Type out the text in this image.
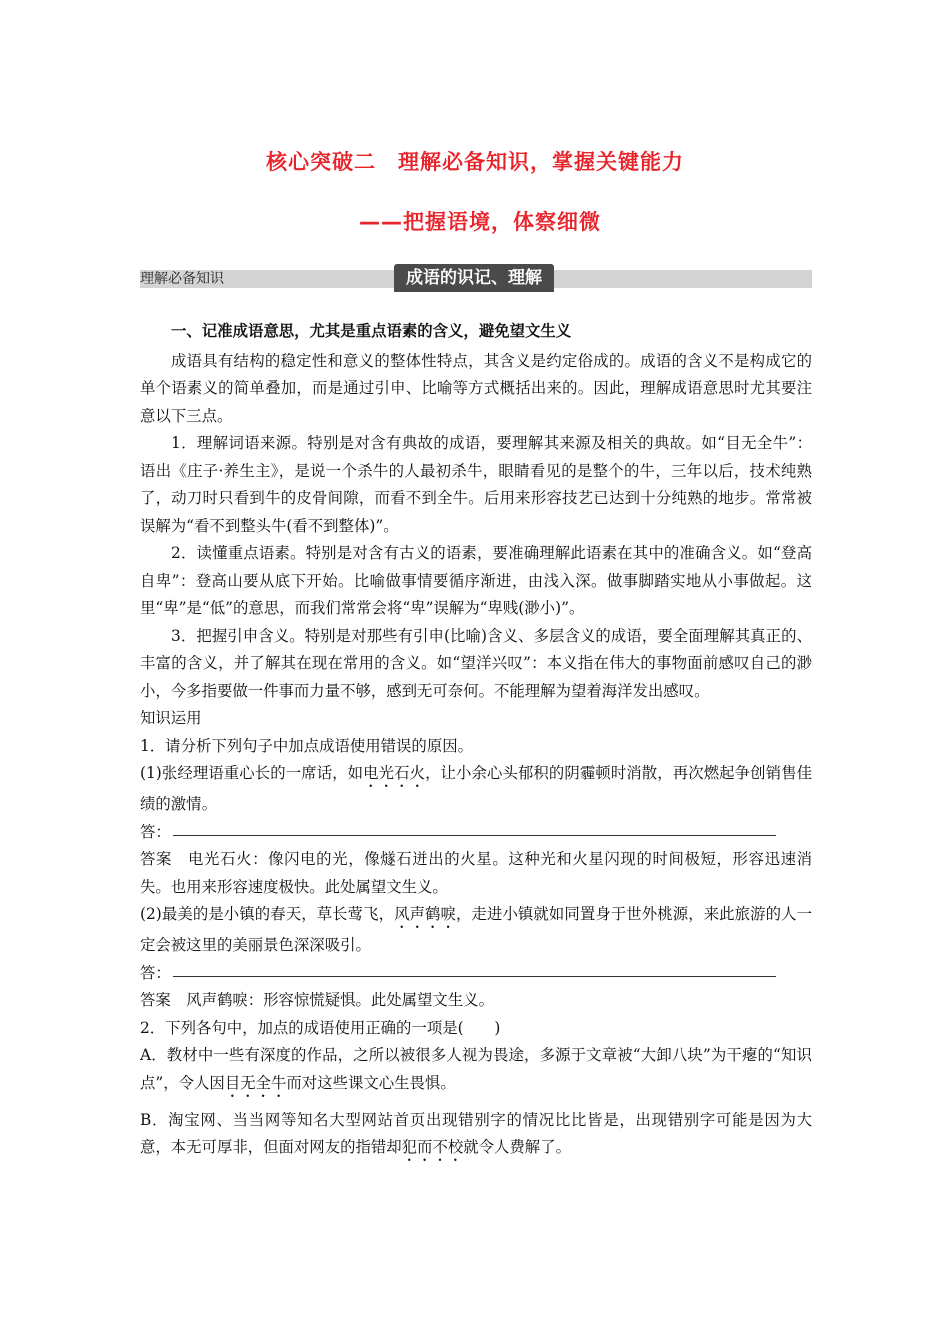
核心突破二　理解必备知识，掌握关键能力
——把握语境，体察细微
理解必备知识	成语的识记、理解

一、记准成语意思，尤其是重点语素的含义，避免望文生义

成语具有结构的稳定性和意义的整体性特点，其含义是约定俗成的。成语的含义不是构成它的单个语素义的简单叠加，而是通过引申、比喻等方式概括出来的。因此，理解成语意思时尤其要注意以下三点。

1．理解词语来源。特别是对含有典故的成语，要理解其来源及相关的典故。如“目无全牛”：语出《庄子·养生主》，是说一个杀牛的人最初杀牛，眼睛看见的是整个的牛，三年以后，技术纯熟了，动刀时只看到牛的皮骨间隙，而看不到全牛。后用来形容技艺已达到十分纯熟的地步。常常被误解为“看不到整头牛(看不到整体)”。

2．读懂重点语素。特别是对含有古义的语素，要准确理解此语素在其中的准确含义。如“登高自卑”：登高山要从底下开始。比喻做事情要循序渐进，由浅入深。做事脚踏实地从小事做起。这里“卑”是“低”的意思，而我们常常会将“卑”误解为“卑贱(渺小)”。

3．把握引申含义。特别是对那些有引申(比喻)含义、多层含义的成语，要全面理解其真正的、丰富的含义，并了解其在现在常用的含义。如“望洋兴叹”：本义指在伟大的事物面前感叹自己的渺小，今多指要做一件事而力量不够，感到无可奈何。不能理解为望着海洋发出感叹。

知识运用

1．请分析下列句子中加点成语使用错误的原因。

(1)张经理语重心长的一席话，如电光石火，让小余心头郁积的阴霾顿时消散，再次燃起争创销售佳绩的激情。

答：

答案　电光石火：像闪电的光，像燧石迸出的火星。这种光和火星闪现的时间极短，形容迅速消失。也用来形容速度极快。此处属望文生义。

(2)最美的是小镇的春天，草长莺飞，风声鹤唳，走进小镇就如同置身于世外桃源，来此旅游的人一定会被这里的美丽景色深深吸引。

答：

答案　风声鹤唳：形容惊慌疑惧。此处属望文生义。

2．下列各句中，加点的成语使用正确的一项是(　　)

A．教材中一些有深度的作品，之所以被很多人视为畏途，多源于文章被“大卸八块”为干瘪的“知识点”，令人因目无全牛而对这些课文心生畏惧。

B．淘宝网、当当网等知名大型网站首页出现错别字的情况比比皆是，出现错别字可能是因为大意，本无可厚非，但面对网友的指错却犯而不校就令人费解了。
